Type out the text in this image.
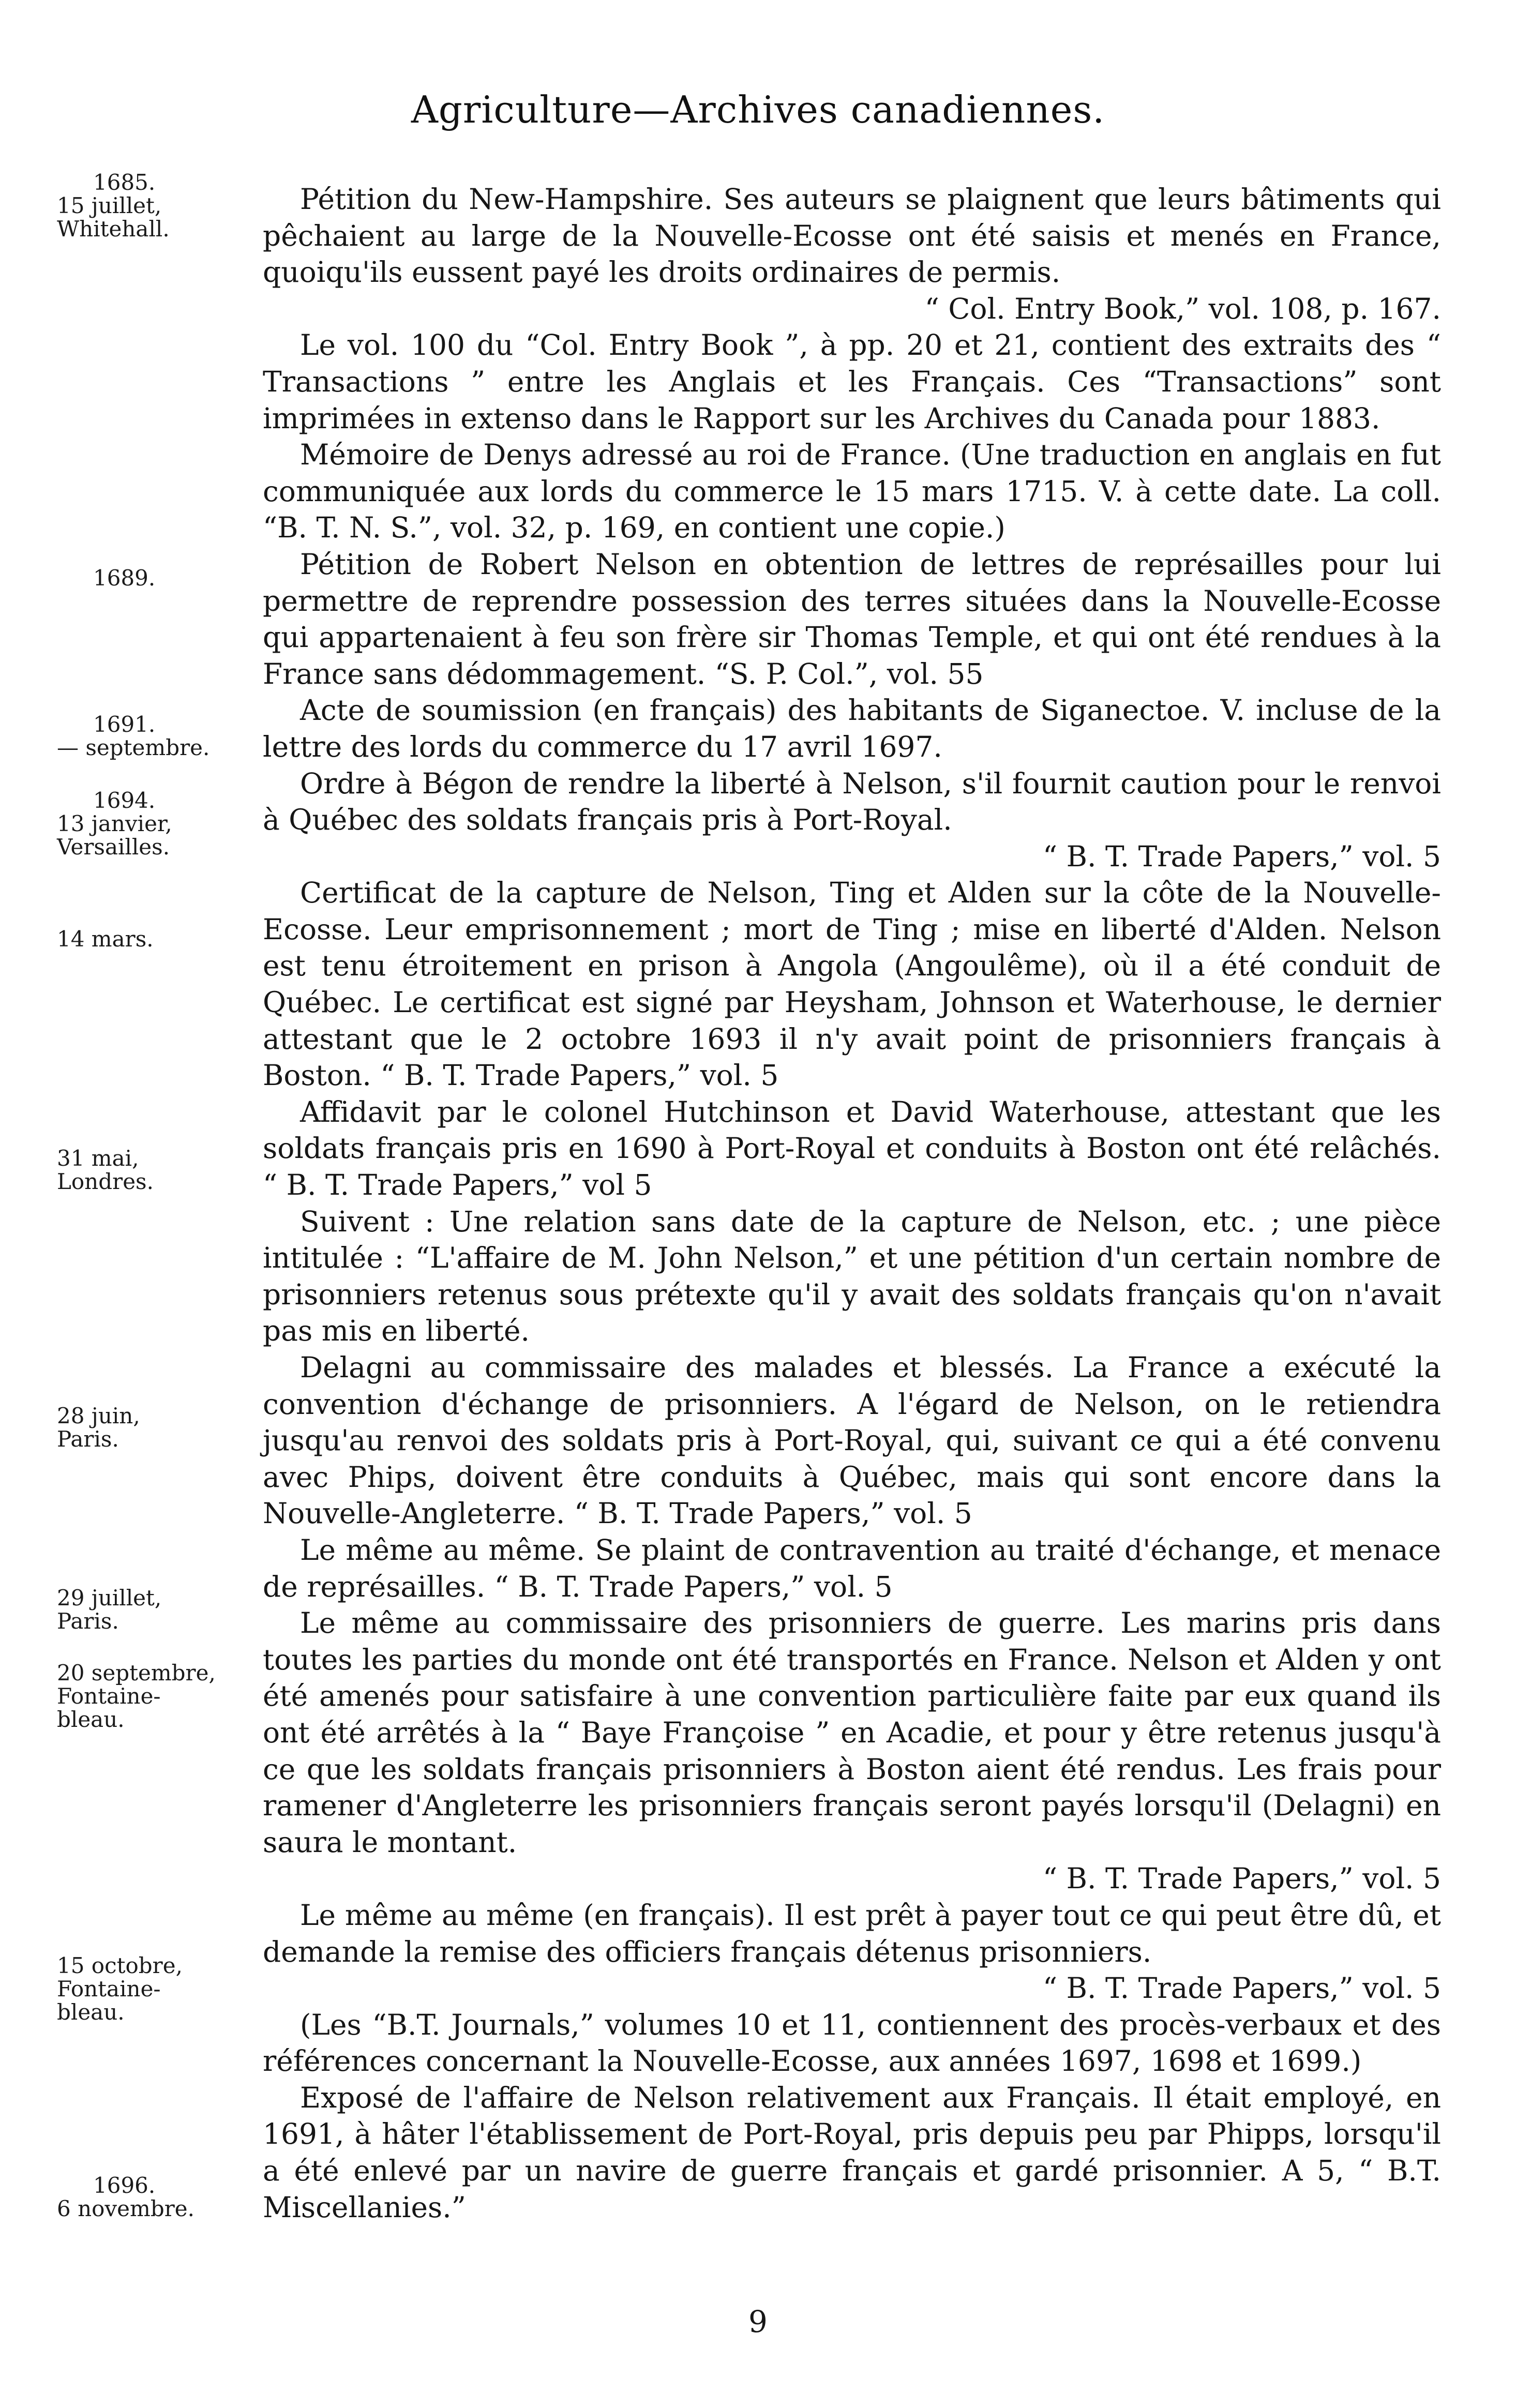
Agriculture—Archives canadiennes.
1685.
15 juillet,
Whitehall.
1689.
1691.
— septembre.
1694.
13 janvier,
Versailles.
14 mars.
31 mai,
Londres.
28 juin,
Paris.
29 juillet,
Paris.
20 septembre,
Fontaine-
bleau.
15 octobre,
Fontaine-
bleau.
1696.
6 novembre.

Pétition du New-Hampshire. Ses auteurs se plaignent que leurs bâtiments qui pêchaient au large de la Nouvelle-Ecosse ont été saisis et menés en France, quoiqu'ils eussent payé les droits ordinaires de permis.

“ Col. Entry Book,” vol. 108, p. 167.

Le vol. 100 du “Col. Entry Book ”, à pp. 20 et 21, contient des extraits des “ Transactions ” entre les Anglais et les Français. Ces “Transactions” sont imprimées in extenso dans le Rapport sur les Archives du Canada pour 1883.

Mémoire de Denys adressé au roi de France. (Une traduction en anglais en fut communiquée aux lords du commerce le 15 mars 1715. V. à cette date. La coll. “B. T. N. S.”, vol. 32, p. 169, en contient une copie.)

Pétition de Robert Nelson en obtention de lettres de représailles pour lui permettre de reprendre possession des terres situées dans la Nouvelle-Ecosse qui appartenaient à feu son frère sir Thomas Temple, et qui ont été rendues à la France sans dédommagement. “S. P. Col.”, vol. 55

Acte de soumission (en français) des habitants de Siganectoe. V. incluse de la lettre des lords du commerce du 17 avril 1697.

Ordre à Bégon de rendre la liberté à Nelson, s'il fournit caution pour le renvoi à Québec des soldats français pris à Port-Royal.

“ B. T. Trade Papers,” vol. 5

Certificat de la capture de Nelson, Ting et Alden sur la côte de la Nouvelle-Ecosse. Leur emprisonnement ; mort de Ting ; mise en liberté d'Alden. Nelson est tenu étroitement en prison à Angola (Angoulême), où il a été conduit de Québec. Le certificat est signé par Heysham, Johnson et Waterhouse, le dernier attestant que le 2 octobre 1693 il n'y avait point de prisonniers français à Boston. “ B. T. Trade Papers,” vol. 5

Affidavit par le colonel Hutchinson et David Waterhouse, attestant que les soldats français pris en 1690 à Port-Royal et conduits à Boston ont été relâchés. “ B. T. Trade Papers,” vol 5

Suivent : Une relation sans date de la capture de Nelson, etc. ; une pièce intitulée : “L'affaire de M. John Nelson,” et une pétition d'un certain nombre de prisonniers retenus sous prétexte qu'il y avait des soldats français qu'on n'avait pas mis en liberté.

Delagni au commissaire des malades et blessés. La France a exécuté la convention d'échange de prisonniers. A l'égard de Nelson, on le retiendra jusqu'au renvoi des soldats pris à Port-Royal, qui, suivant ce qui a été convenu avec Phips, doivent être conduits à Québec, mais qui sont encore dans la Nouvelle-Angleterre. “ B. T. Trade Papers,” vol. 5

Le même au même. Se plaint de contravention au traité d'échange, et menace de représailles. “ B. T. Trade Papers,” vol. 5

Le même au commissaire des prisonniers de guerre. Les marins pris dans toutes les parties du monde ont été transportés en France. Nelson et Alden y ont été amenés pour satisfaire à une convention particulière faite par eux quand ils ont été arrêtés à la “ Baye Françoise ” en Acadie, et pour y être retenus jusqu'à ce que les soldats français prisonniers à Boston aient été rendus. Les frais pour ramener d'Angleterre les prisonniers français seront payés lorsqu'il (Delagni) en saura le montant.

“ B. T. Trade Papers,” vol. 5

Le même au même (en français). Il est prêt à payer tout ce qui peut être dû, et demande la remise des officiers français détenus prisonniers.

“ B. T. Trade Papers,” vol. 5

(Les “B.T. Journals,” volumes 10 et 11, contiennent des procès-verbaux et des références concernant la Nouvelle-Ecosse, aux années 1697, 1698 et 1699.)

Exposé de l'affaire de Nelson relativement aux Français. Il était employé, en 1691, à hâter l'établissement de Port-Royal, pris depuis peu par Phipps, lorsqu'il a été enlevé par un navire de guerre français et gardé prisonnier. A 5, “ B.T. Miscellanies.”

9
